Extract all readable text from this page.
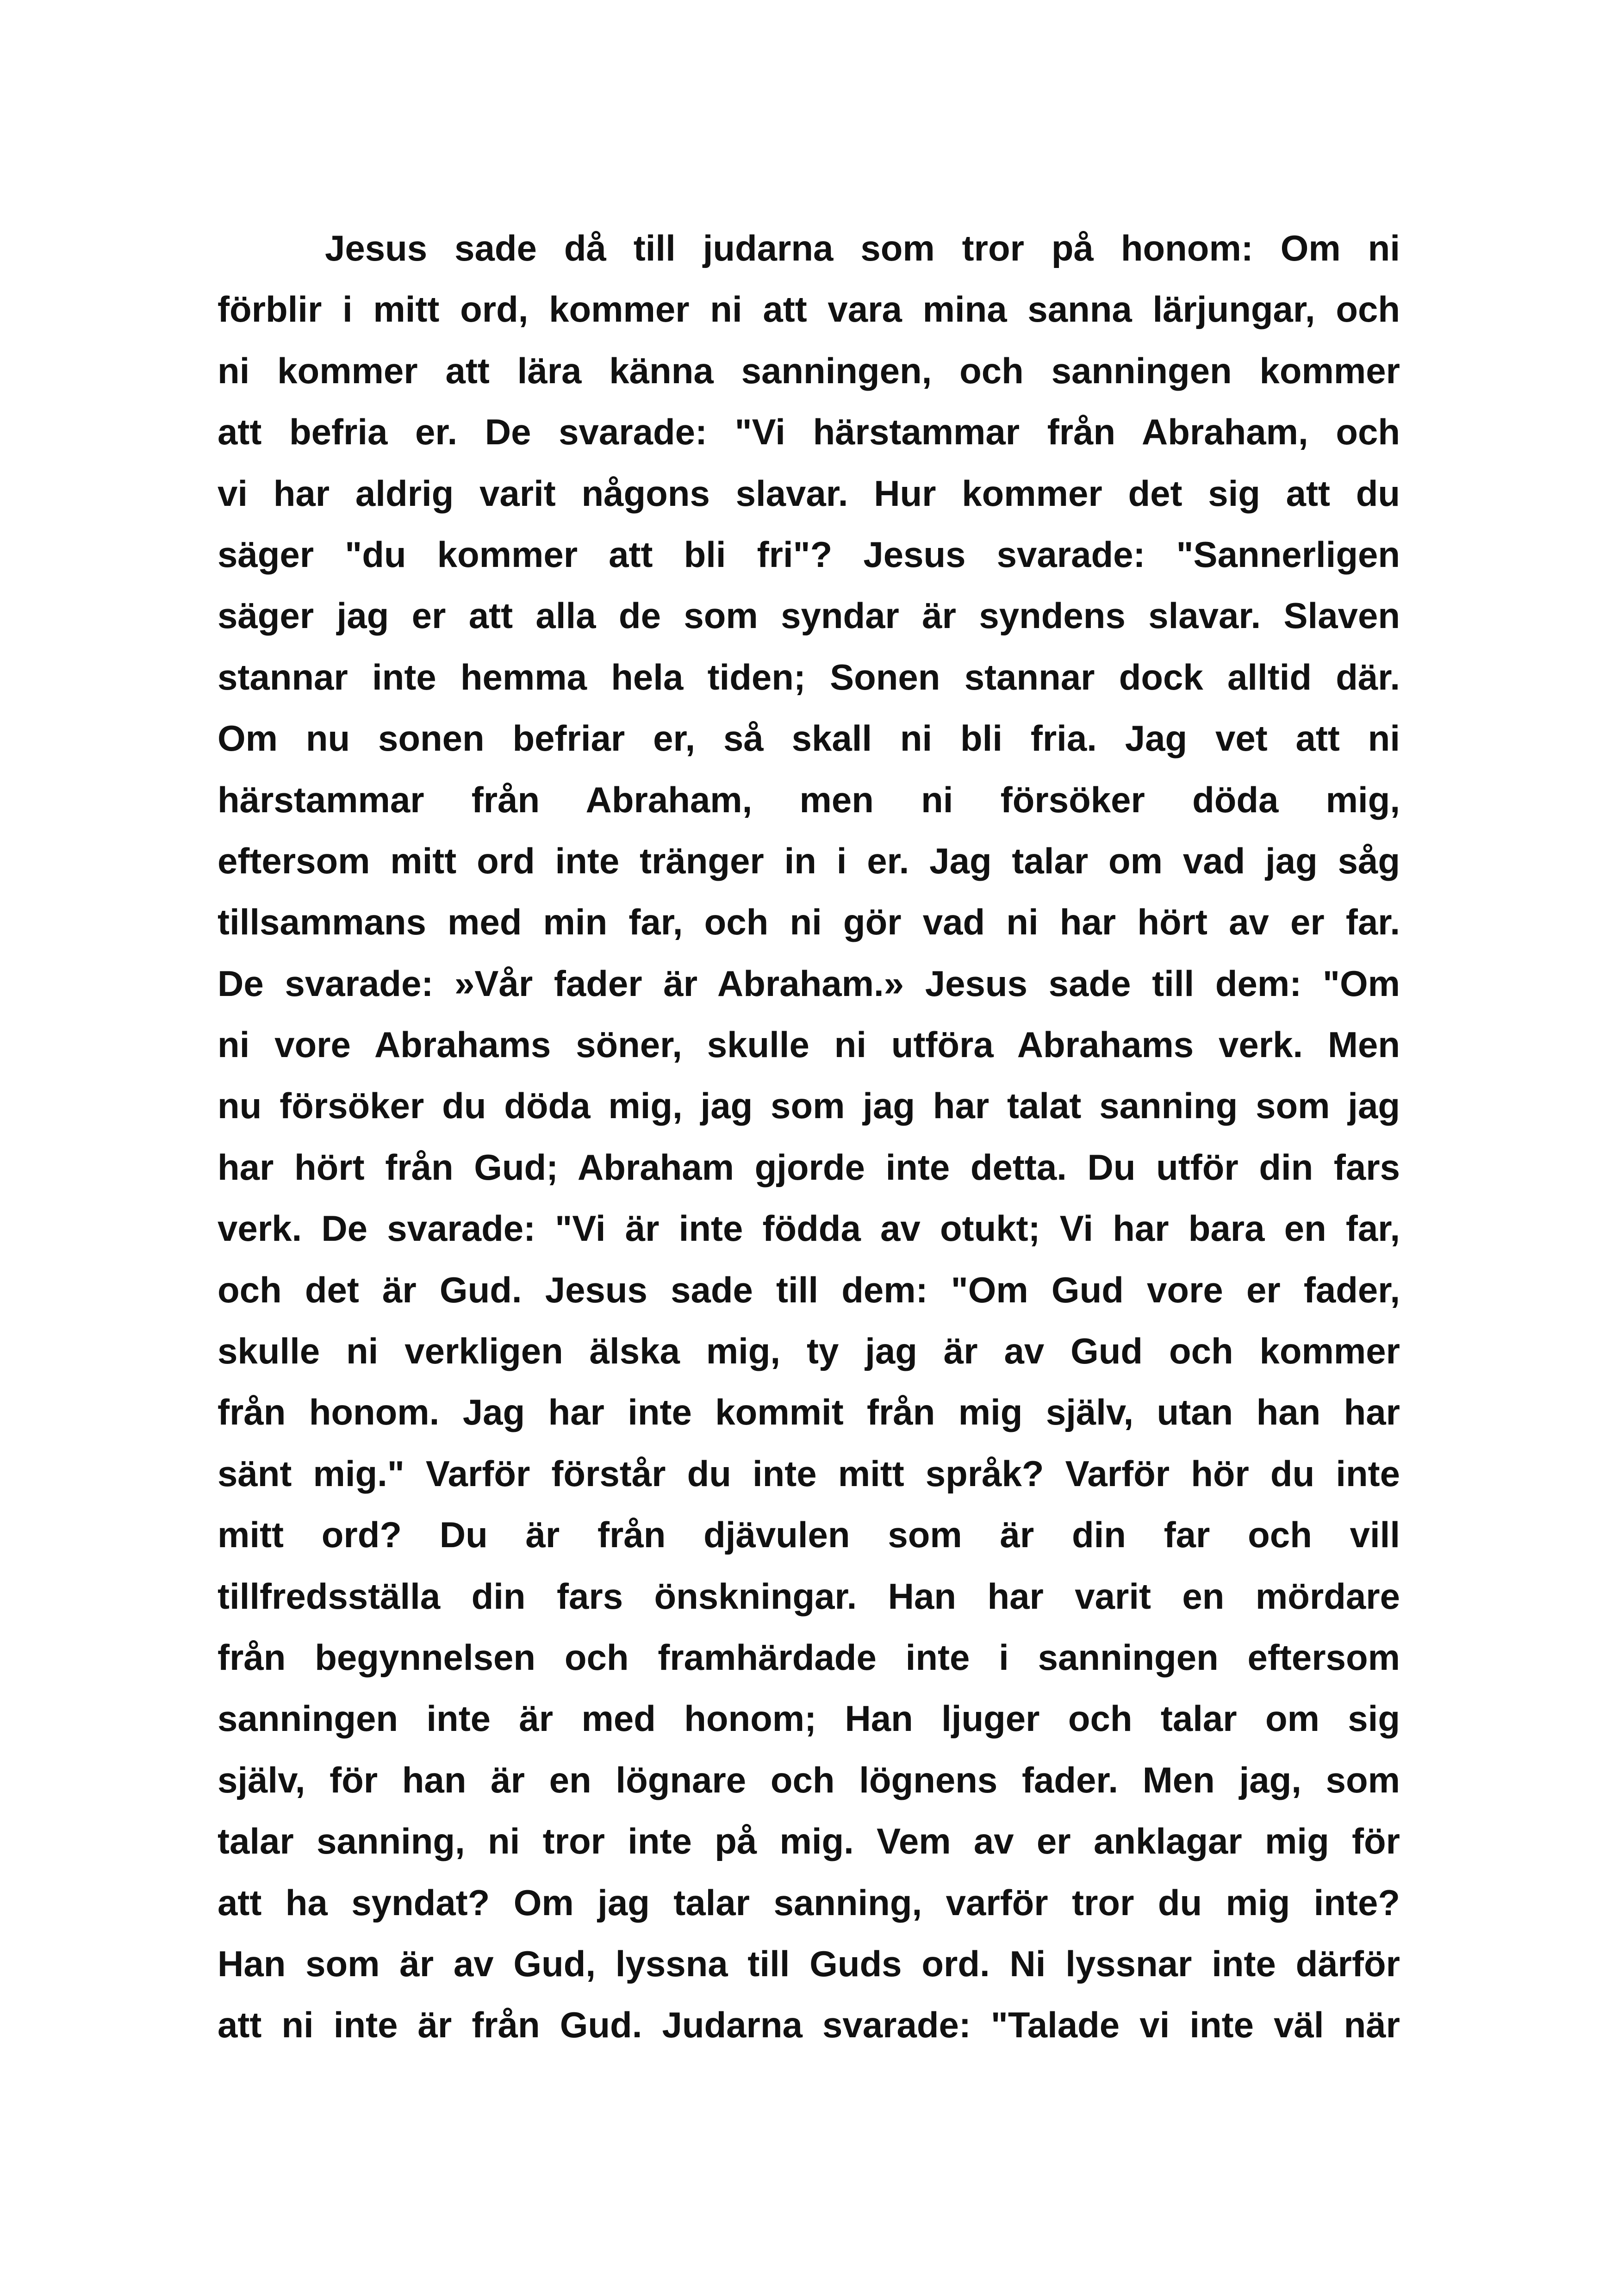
Jesus sade då till judarna som tror på honom: Om ni
förblir i mitt ord, kommer ni att vara mina sanna lärjungar, och
ni kommer att lära känna sanningen, och sanningen kommer
att befria er. De svarade: "Vi härstammar från Abraham, och
vi har aldrig varit någons slavar. Hur kommer det sig att du
säger "du kommer att bli fri"? Jesus svarade: "Sannerligen
säger jag er att alla de som syndar är syndens slavar. Slaven
stannar inte hemma hela tiden; Sonen stannar dock alltid där.
Om nu sonen befriar er, så skall ni bli fria. Jag vet att ni
härstammar från Abraham, men ni försöker döda mig,
eftersom mitt ord inte tränger in i er. Jag talar om vad jag såg
tillsammans med min far, och ni gör vad ni har hört av er far.
De svarade: »Vår fader är Abraham.» Jesus sade till dem: "Om
ni vore Abrahams söner, skulle ni utföra Abrahams verk. Men
nu försöker du döda mig, jag som jag har talat sanning som jag
har hört från Gud; Abraham gjorde inte detta. Du utför din fars
verk. De svarade: "Vi är inte födda av otukt; Vi har bara en far,
och det är Gud. Jesus sade till dem: "Om Gud vore er fader,
skulle ni verkligen älska mig, ty jag är av Gud och kommer
från honom. Jag har inte kommit från mig själv, utan han har
sänt mig." Varför förstår du inte mitt språk? Varför hör du inte
mitt ord? Du är från djävulen som är din far och vill
tillfredsställa din fars önskningar. Han har varit en mördare
från begynnelsen och framhärdade inte i sanningen eftersom
sanningen inte är med honom; Han ljuger och talar om sig
själv, för han är en lögnare och lögnens fader. Men jag, som
talar sanning, ni tror inte på mig. Vem av er anklagar mig för
att ha syndat? Om jag talar sanning, varför tror du mig inte?
Han som är av Gud, lyssna till Guds ord. Ni lyssnar inte därför
att ni inte är från Gud. Judarna svarade: "Talade vi inte väl när
